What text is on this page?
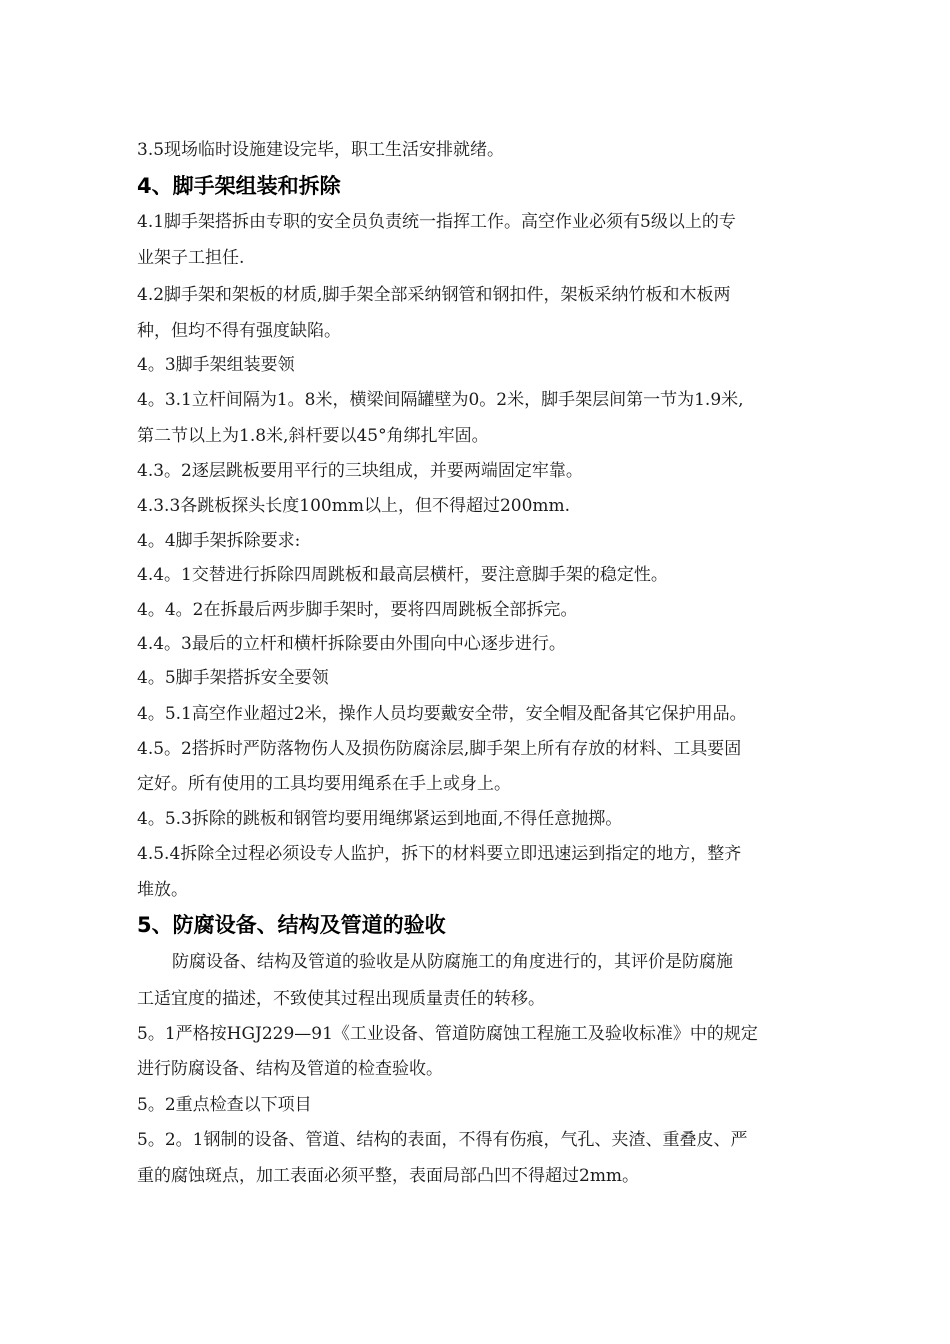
3.5现场临时设施建设完毕，职工生活安排就绪。
4、脚手架组装和拆除
4.1脚手架搭拆由专职的安全员负责统一指挥工作。高空作业必须有5级以上的专
业架子工担任.
4.2脚手架和架板的材质,脚手架全部采纳钢管和钢扣件，架板采纳竹板和木板两
种，但均不得有强度缺陷。
4。3脚手架组装要领
4。3.1立杆间隔为1。8米，横梁间隔罐壁为0。2米，脚手架层间第一节为1.9米,
第二节以上为1.8米,斜杆要以45°角绑扎牢固。
4.3。2逐层跳板要用平行的三块组成，并要两端固定牢靠。
4.3.3各跳板探头长度100mm以上，但不得超过200mm.
4。4脚手架拆除要求:
4.4。1交替进行拆除四周跳板和最高层横杆，要注意脚手架的稳定性。
4。4。2在拆最后两步脚手架时，要将四周跳板全部拆完。
4.4。3最后的立杆和横杆拆除要由外围向中心逐步进行。
4。5脚手架搭拆安全要领
4。5.1高空作业超过2米，操作人员均要戴安全带，安全帽及配备其它保护用品。
4.5。2搭拆时严防落物伤人及损伤防腐涂层,脚手架上所有存放的材料、工具要固
定好。所有使用的工具均要用绳系在手上或身上。
4。5.3拆除的跳板和钢管均要用绳绑紧运到地面,不得任意抛掷。
4.5.4拆除全过程必须设专人监护，拆下的材料要立即迅速运到指定的地方，整齐
堆放。
5、防腐设备、结构及管道的验收
防腐设备、结构及管道的验收是从防腐施工的角度进行的，其评价是防腐施
工适宜度的描述，不致使其过程出现质量责任的转移。
5。1严格按HGJ229—91《工业设备、管道防腐蚀工程施工及验收标准》中的规定
进行防腐设备、结构及管道的检查验收。
5。2重点检查以下项目
5。2。1钢制的设备、管道、结构的表面，不得有伤痕，气孔、夹渣、重叠皮、严
重的腐蚀斑点，加工表面必须平整，表面局部凸凹不得超过2mm。
